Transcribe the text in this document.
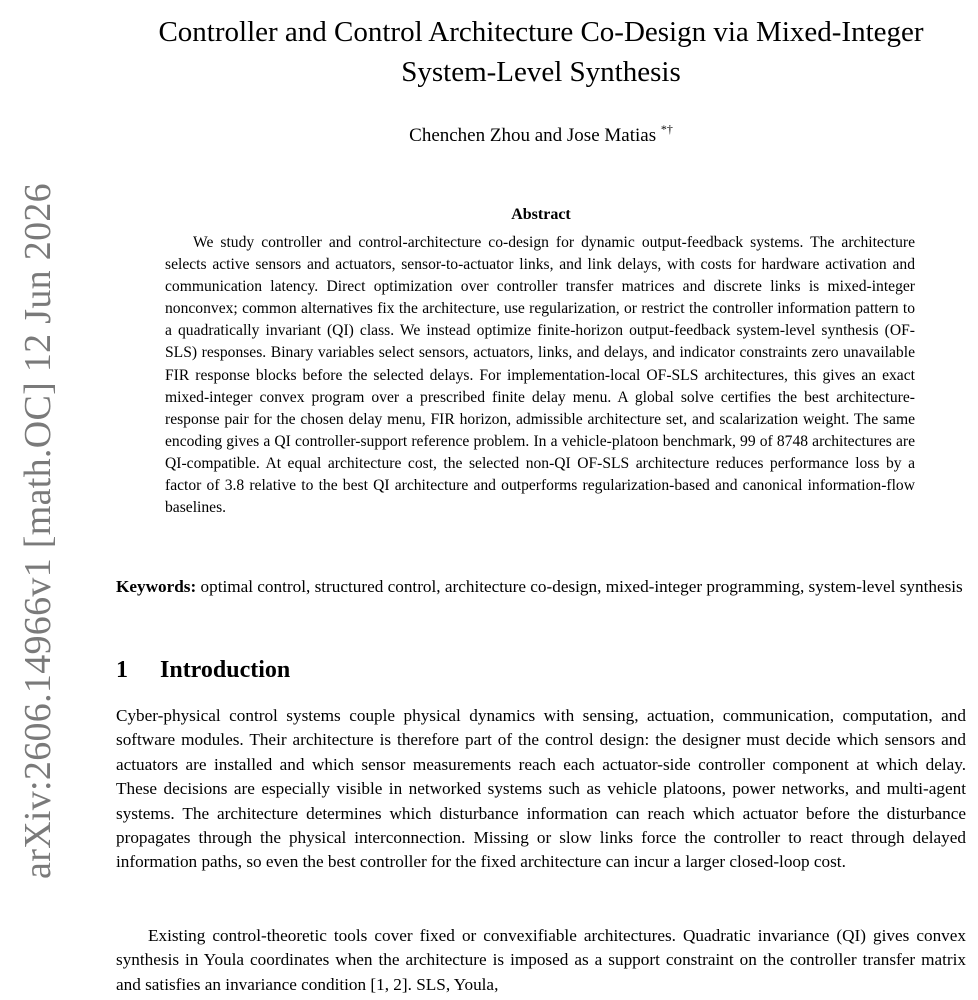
arXiv:2606.14966v1 [math.OC] 12 Jun 2026
Controller and Control Architecture Co-Design via Mixed-Integer System-Level Synthesis
Chenchen Zhou and Jose Matias *†
Abstract
We study controller and control-architecture co-design for dynamic output-feedback systems. The architecture selects active sensors and actuators, sensor-to-actuator links, and link delays, with costs for hardware activation and communication latency. Direct optimization over controller transfer matrices and discrete links is mixed-integer nonconvex; common alternatives fix the architecture, use regularization, or restrict the controller information pattern to a quadratically invariant (QI) class. We instead optimize finite-horizon output-feedback system-level synthesis (OF-SLS) responses. Binary variables select sensors, actuators, links, and delays, and indicator constraints zero unavailable FIR response blocks before the selected delays. For implementation-local OF-SLS architectures, this gives an exact mixed-integer convex program over a prescribed finite delay menu. A global solve certifies the best architecture-response pair for the chosen delay menu, FIR horizon, admissible architecture set, and scalarization weight. The same encoding gives a QI controller-support reference problem. In a vehicle-platoon benchmark, 99 of 8748 architectures are QI-compatible. At equal architecture cost, the selected non-QI OF-SLS architecture reduces performance loss by a factor of 3.8 relative to the best QI architecture and outperforms regularization-based and canonical information-flow baselines.
Keywords: optimal control, structured control, architecture co-design, mixed-integer programming, system-level synthesis
1 Introduction

Cyber-physical control systems couple physical dynamics with sensing, actuation, communication, computation, and software modules. Their architecture is therefore part of the control design: the designer must decide which sensors and actuators are installed and which sensor measurements reach each actuator-side controller component at which delay. These decisions are especially visible in networked systems such as vehicle platoons, power networks, and multi-agent systems. The architecture determines which disturbance information can reach which actuator before the disturbance propagates through the physical interconnection. Missing or slow links force the controller to react through delayed information paths, so even the best controller for the fixed architecture can incur a larger closed-loop cost.

Existing control-theoretic tools cover fixed or convexifiable architectures. Quadratic invariance (QI) gives convex synthesis in Youla coordinates when the architecture is imposed as a support constraint on the controller transfer matrix and satisfies an invariance condition [1, 2]. SLS, Youla,
